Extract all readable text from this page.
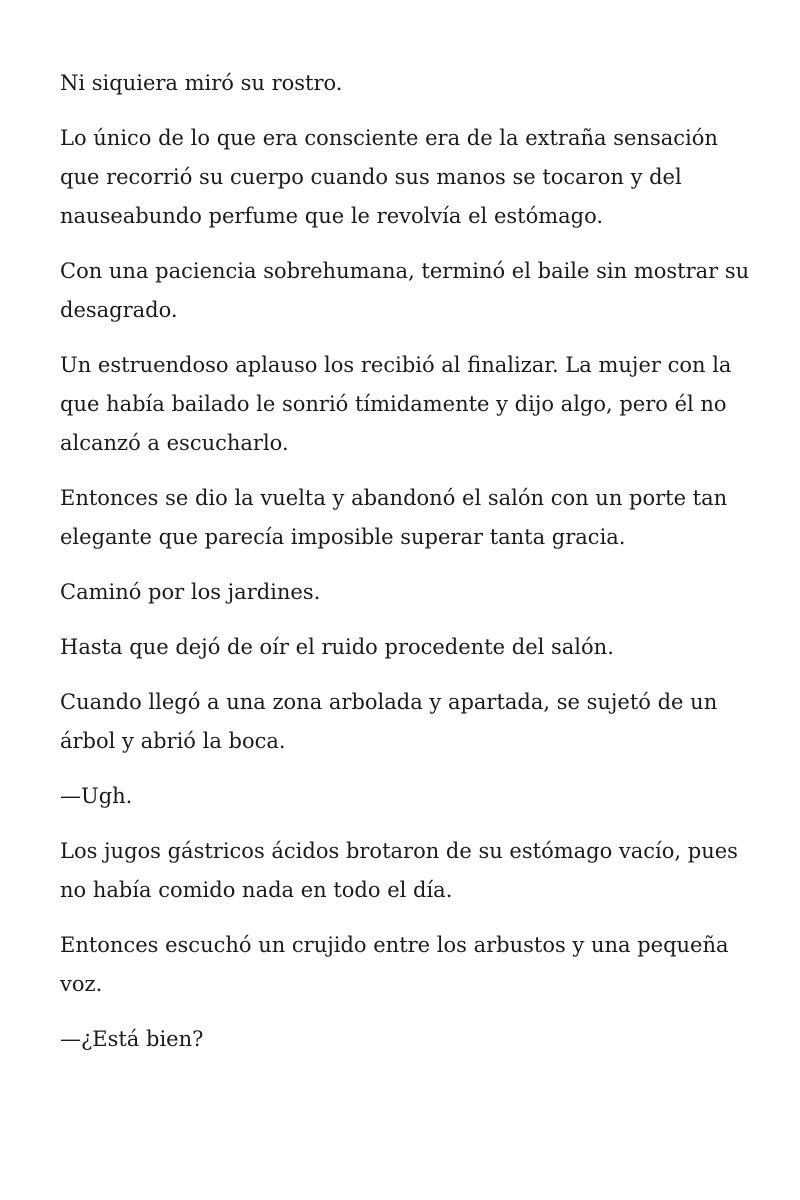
Ni siquiera miró su rostro.

Lo único de lo que era consciente era de la extraña sensación que recorrió su cuerpo cuando sus manos se tocaron y del nauseabundo perfume que le revolvía el estómago.

Con una paciencia sobrehumana, terminó el baile sin mostrar su desagrado.

Un estruendoso aplauso los recibió al finalizar. La mujer con la que había bailado le sonrió tímidamente y dijo algo, pero él no alcanzó a escucharlo.

Entonces se dio la vuelta y abandonó el salón con un porte tan elegante que parecía imposible superar tanta gracia.

Caminó por los jardines.

Hasta que dejó de oír el ruido procedente del salón.

Cuando llegó a una zona arbolada y apartada, se sujetó de un árbol y abrió la boca.

—Ugh.

Los jugos gástricos ácidos brotaron de su estómago vacío, pues no había comido nada en todo el día.

Entonces escuchó un crujido entre los arbustos y una pequeña voz.

—¿Está bien?
